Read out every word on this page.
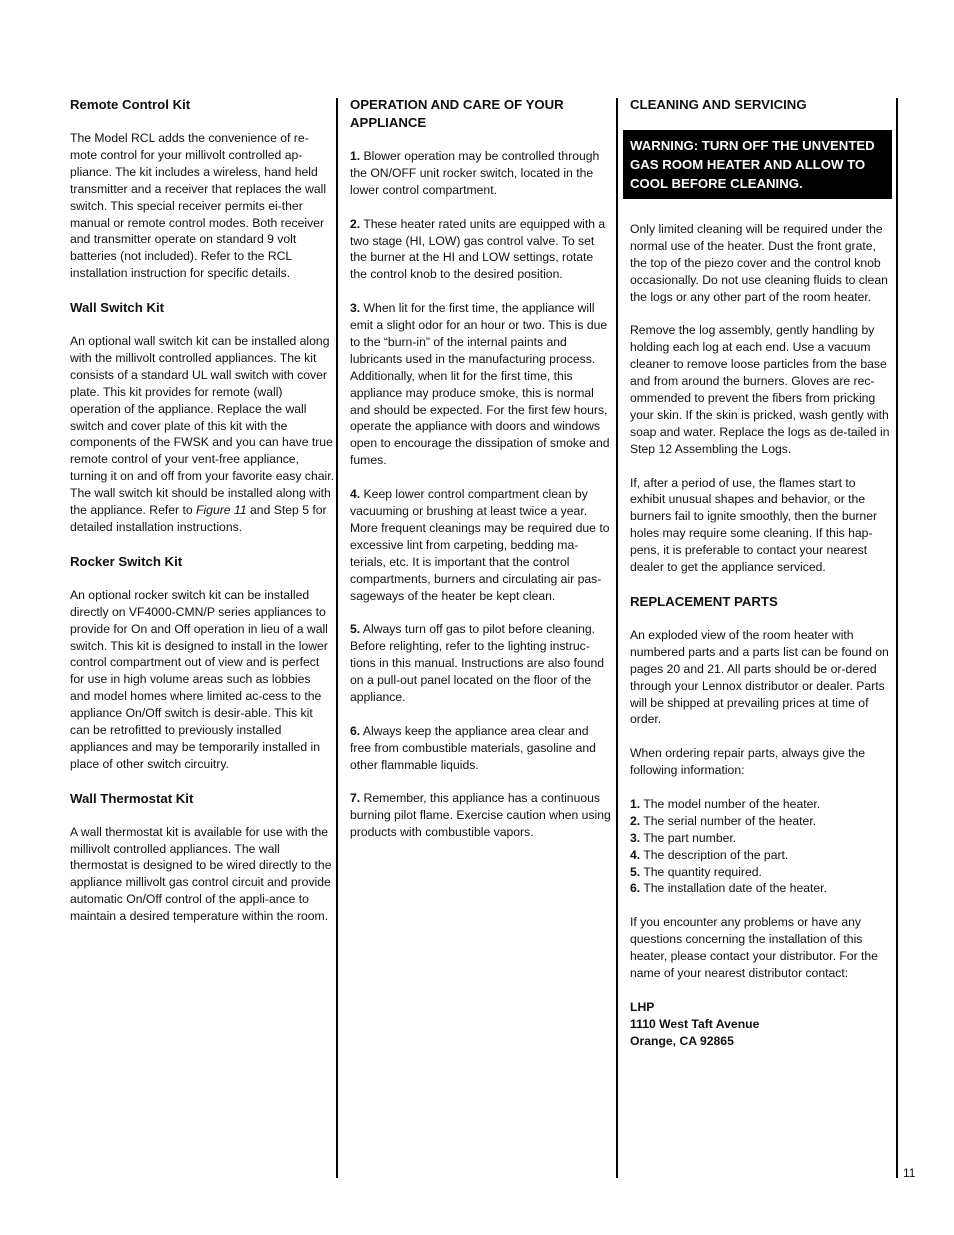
Remote Control Kit

The Model RCL adds the convenience of re-mote control for your millivolt controlled ap-pliance. The kit includes a wireless, hand held transmitter and a receiver that replaces the wall switch. This special receiver permits ei-ther manual or remote control modes. Both receiver and transmitter operate on standard 9 volt batteries (not included). Refer to the RCL installation instruction for specific details.

Wall Switch Kit

An optional wall switch kit can be installed along with the millivolt controlled appliances. The kit consists of a standard UL wall switch with cover plate. This kit provides for remote (wall) operation of the appliance. Replace the wall switch and cover plate of this kit with the components of the FWSK and you can have true remote control of your vent-free appliance, turning it on and off from your favorite easy chair. The wall switch kit should be installed along with the appliance. Refer to Figure 11 and Step 5 for detailed installation instructions.

Rocker Switch Kit

An optional rocker switch kit can be installed directly on VF4000-CMN/P series appliances to provide for On and Off operation in lieu of a wall switch. This kit is designed to install in the lower control compartment out of view and is perfect for use in high volume areas such as lobbies and model homes where limited ac-cess to the appliance On/Off switch is desir-able. This kit can be retrofitted to previously installed appliances and may be temporarily installed in place of other switch circuitry.

Wall Thermostat Kit

A wall thermostat kit is available for use with the millivolt controlled appliances. The wall thermostat is designed to be wired directly to the appliance millivolt gas control circuit and provide automatic On/Off control of the appli-ance to maintain a desired temperature within the room.

OPERATION AND CARE OF YOUR APPLIANCE

1. Blower operation may be controlled through the ON/OFF unit rocker switch, located in the lower control compartment.

2. These heater rated units are equipped with a two stage (HI, LOW) gas control valve. To set the burner at the HI and LOW settings, rotate the control knob to the desired position.

3. When lit for the first time, the appliance will emit a slight odor for an hour or two. This is due to the “burn-in” of the internal paints and lubricants used in the manufacturing process. Additionally, when lit for the first time, this appliance may produce smoke, this is normal and should be expected. For the first few hours, operate the appliance with doors and windows open to encourage the dissipation of smoke and fumes.

4. Keep lower control compartment clean by vacuuming or brushing at least twice a year. More frequent cleanings may be required due to excessive lint from carpeting, bedding ma-terials, etc. It is important that the control compartments, burners and circulating air pas-sageways of the heater be kept clean.

5. Always turn off gas to pilot before cleaning. Before relighting, refer to the lighting instruc-tions in this manual. Instructions are also found on a pull-out panel located on the floor of the appliance.

6. Always keep the appliance area clear and free from combustible materials, gasoline and other flammable liquids.

7. Remember, this appliance has a continuous burning pilot flame. Exercise caution when using products with combustible vapors.

CLEANING AND SERVICING
WARNING: TURN OFF THE UNVENTED GAS ROOM HEATER AND ALLOW TO COOL BEFORE CLEANING.

Only limited cleaning will be required under the normal use of the heater. Dust the front grate, the top of the piezo cover and the control knob occasionally. Do not use cleaning fluids to clean the logs or any other part of the room heater.

Remove the log assembly, gently handling by holding each log at each end. Use a vacuum cleaner to remove loose particles from the base and from around the burners. Gloves are rec-ommended to prevent the fibers from pricking your skin. If the skin is pricked, wash gently with soap and water. Replace the logs as de-tailed in Step 12 Assembling the Logs.

If, after a period of use, the flames start to exhibit unusual shapes and behavior, or the burners fail to ignite smoothly, then the burner holes may require some cleaning. If this hap-pens, it is preferable to contact your nearest dealer to get the appliance serviced.

REPLACEMENT PARTS

An exploded view of the room heater with numbered parts and a parts list can be found on pages 20 and 21. All parts should be or-dered through your Lennox distributor or dealer. Parts will be shipped at prevailing prices at time of order.

When ordering repair parts, always give the following information:

1. The model number of the heater.

2. The serial number of the heater.

3. The part number.

4. The description of the part.

5. The quantity required.

6. The installation date of the heater.

If you encounter any problems or have any questions concerning the installation of this heater, please contact your distributor. For the name of your nearest distributor contact:

LHP

1110 West Taft Avenue

Orange, CA 92865

11
